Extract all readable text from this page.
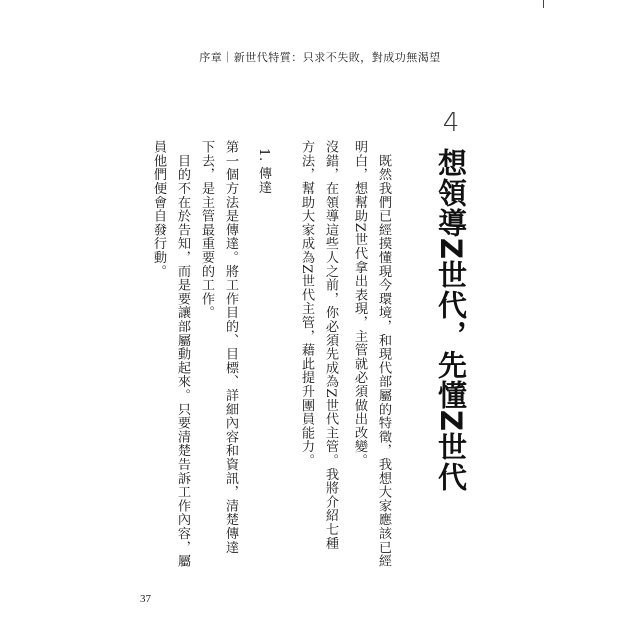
序章｜新世代特質：只求不失敗，對成功無渴望
4
想領導Z世代，先懂Z世代
　既然我們已經摸懂現今環境，和現代部屬的特徵，我想大家應該已經
明白，想幫助Z世代拿出表現，主管就必須做出改變。
沒錯，在領導這些人之前，你必須先成為Z世代主管。我將介紹七種
方法，幫助大家成為Z世代主管，藉此提升團員能力。
1. 傳達
第一個方法是傳達。將工作目的、目標、詳細內容和資訊，清楚傳達
下去，是主管最重要的工作。
　目的不在於告知，而是要讓部屬動起來。只要清楚告訴工作內容，屬
員他們便會自發行動。
37
